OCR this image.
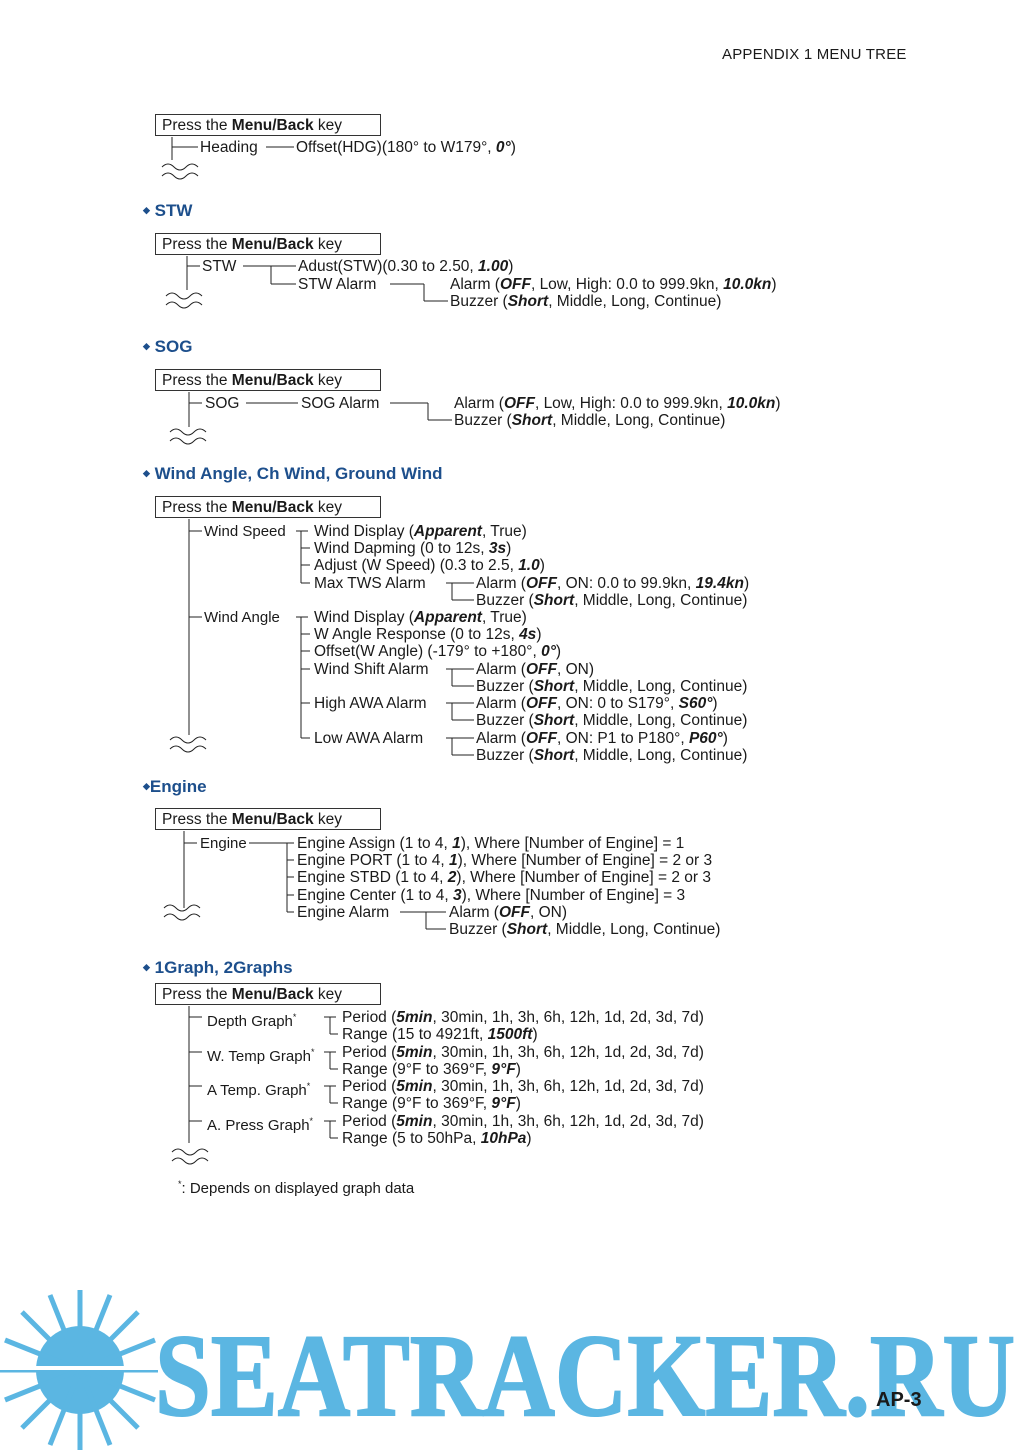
APPENDIX 1 MENU TREE
Press the Menu/Back key
Heading Offset(HDG)(180° to W179°, 0°)
◆ STW
Press the Menu/Back key
STW	Adust(STW)(0.30 to 2.50, 1.00)
STW Alarm	Alarm (OFF, Low, High: 0.0 to 999.9kn, 10.0kn)
Buzzer (Short, Middle, Long, Continue)
◆ SOG
Press the Menu/Back key
SOG	SOG Alarm	Alarm (OFF, Low, High: 0.0 to 999.9kn, 10.0kn)
Buzzer (Short, Middle, Long, Continue)
◆ Wind Angle, Ch Wind, Ground Wind
Press the Menu/Back key
Wind Speed Wind Display (Apparent, True)
Wind Dapming (0 to 12s, 3s)
Adjust (W Speed) (0.3 to 2.5, 1.0)
Max TWS Alarm	Alarm (OFF, ON: 0.0 to 99.9kn, 19.4kn)
Buzzer (Short, Middle, Long, Continue)
Wind Angle Wind Display (Apparent, True)
W Angle Response (0 to 12s, 4s)
Offset(W Angle) (-179° to +180°, 0°)
Wind Shift Alarm	Alarm (OFF, ON)
Buzzer (Short, Middle, Long, Continue)
High AWA Alarm	Alarm (OFF, ON: 0 to S179°, S60°)
Buzzer (Short, Middle, Long, Continue)
Low AWA Alarm	Alarm (OFF, ON: P1 to P180°, P60°)
Buzzer (Short, Middle, Long, Continue)
◆Engine
Press the Menu/Back key
Engine	Engine Assign (1 to 4, 1), Where [Number of Engine] = 1
Engine PORT (1 to 4, 1), Where [Number of Engine] = 2 or 3
Engine STBD (1 to 4, 2), Where [Number of Engine] = 2 or 3
Engine Center (1 to 4, 3), Where [Number of Engine] = 3
Engine Alarm	Alarm (OFF, ON)
Buzzer (Short, Middle, Long, Continue)
◆ 1Graph, 2Graphs
Press the Menu/Back key
Depth Graph*	Period (5min, 30min, 1h, 3h, 6h, 12h, 1d, 2d, 3d, 7d)
Range (15 to 4921ft, 1500ft)
W. Temp Graph* Period (5min, 30min, 1h, 3h, 6h, 12h, 1d, 2d, 3d, 7d)
Range (9°F to 369°F, 9°F)
A Temp. Graph* Period (5min, 30min, 1h, 3h, 6h, 12h, 1d, 2d, 3d, 7d)
Range (9°F to 369°F, 9°F)
A. Press Graph* Period (5min, 30min, 1h, 3h, 6h, 12h, 1d, 2d, 3d, 7d)
Range (5 to 50hPa, 10hPa)
*: Depends on displayed graph data
SEATRACKER.RU
AP-3
